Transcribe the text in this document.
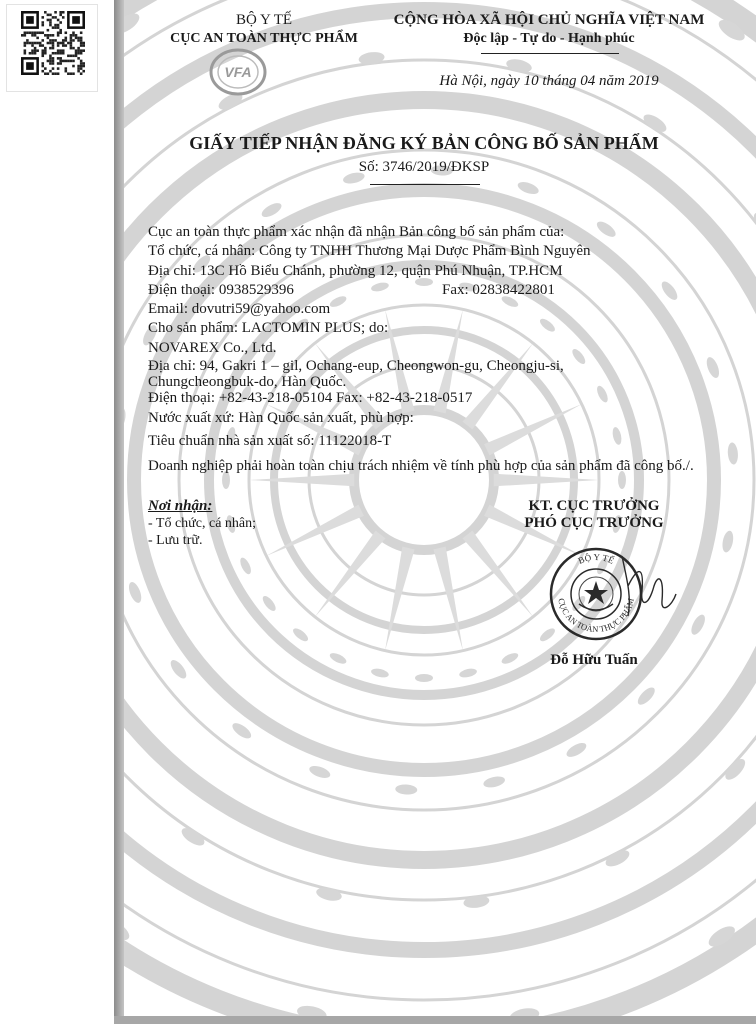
BỘ Y TẾ
CỤC AN TOÀN THỰC PHẨM
VFA
CỘNG HÒA XÃ HỘI CHỦ NGHĨA VIỆT NAM
Độc lập - Tự do - Hạnh phúc
Hà Nội, ngày 10 tháng 04 năm 2019
GIẤY TIẾP NHẬN ĐĂNG KÝ BẢN CÔNG BỐ SẢN PHẨM
Số: 3746/2019/ĐKSP
Cục an toàn thực phẩm xác nhận đã nhận Bản công bố sản phẩm của:
Tổ chức, cá nhân: Công ty TNHH Thương Mại Dược Phẩm Bình Nguyên
Địa chỉ: 13C Hồ Biểu Chánh, phường 12, quận Phú Nhuận, TP.HCM
Điện thoại: 0938529396	Fax: 02838422801
Email: dovutri59@yahoo.com
Cho sản phẩm: LACTOMIN PLUS; do:
NOVAREX Co., Ltd.
Địa chỉ: 94, Gakri 1 – gil, Ochang-eup, Cheongwon-gu, Cheongju-si,
Chungcheongbuk-do, Hàn Quốc.
Điện thoại: +82-43-218-05104 Fax: +82-43-218-0517
Nước xuất xứ: Hàn Quốc sản xuất, phù hợp:
Tiêu chuẩn nhà sản xuất số: 11122018-T
Doanh nghiệp phải hoàn toàn chịu trách nhiệm về tính phù hợp của sản phẩm đã công bố./.
Nơi nhận:
- Tổ chức, cá nhân;
- Lưu trữ.
KT. CỤC TRƯỞNG
PHÓ CỤC TRƯỞNG
BỘ Y TẾ
CỤC AN TOÀN THỰC PHẨM
Đỗ Hữu Tuấn
